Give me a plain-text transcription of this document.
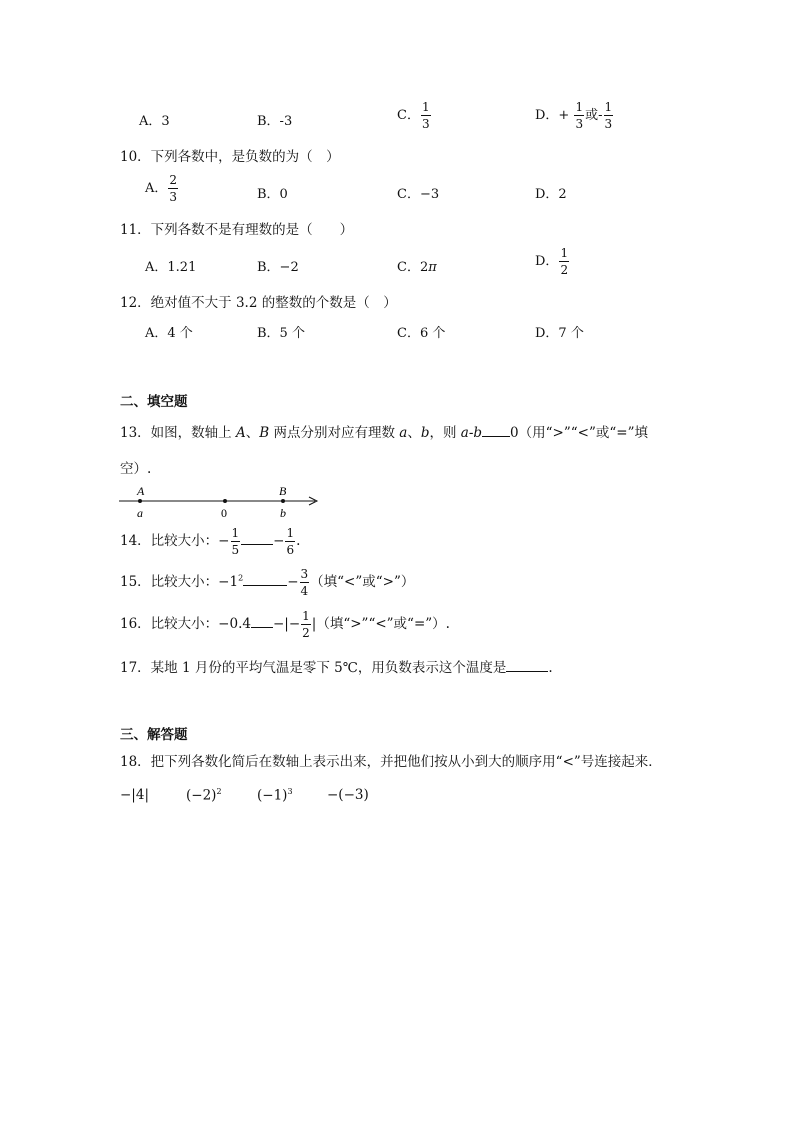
A．3	B．-3	C． $\frac{1}{3}$	D．+ $\frac{1}{3}$ 或- $\frac{1}{3}$
10．下列各数中，是负数的为（　）
A． $\frac{2}{3}$	B．0	C．−3	D．2
11．下列各数不是有理数的是（　　）
A．1.21	B．−2	C．2π	D． $\frac{1}{2}$
12．绝对值不大于 3.2 的整数的个数是（　）
A．4 个	B．5 个	C．6 个	D．7 个
二、填空题
13．如图，数轴上 A、B 两点分别对应有理数 a、b，则 a-b 0（用“>”“<”或“=”填
空）.
A
a	0
B
b
14．比较大小：− $\frac{1}{5} - \frac{1}{6}$ .
15．比较大小：$-1^2$	− $\frac{3}{4}$ （填“<”或“>”）
16．比较大小：−0.4 −|− $\frac{1}{2}$ |（填“>”“<”或“=”）.
17．某地 1 月份的平均气温是零下 5℃，用负数表示这个温度是	.
三、解答题
18．把下列各数化简后在数轴上表示出来，并把他们按从小到大的顺序用“<”号连接起来．
−|4|	$(-2)^2$	$(-1)^3$	−(−3)
